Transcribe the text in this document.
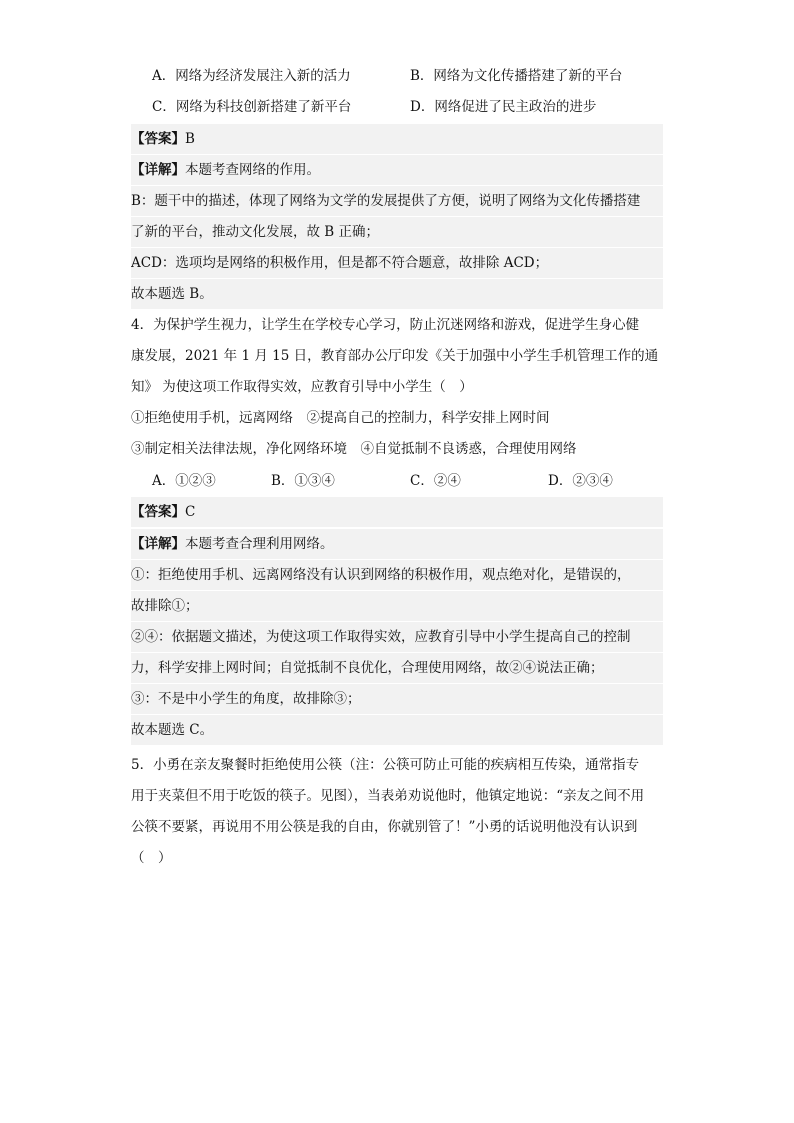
A．网络为经济发展注入新的活力	B．网络为文化传播搭建了新的平台
C．网络为科技创新搭建了新平台	D．网络促进了民主政治的进步
【答案】B
【详解】本题考查网络的作用。
B：题干中的描述，体现了网络为文学的发展提供了方便，说明了网络为文化传播搭建
了新的平台，推动文化发展，故 B 正确；
ACD：选项均是网络的积极作用，但是都不符合题意，故排除 ACD；
故本题选 B。
4．为保护学生视力，让学生在学校专心学习，防止沉迷网络和游戏，促进学生身心健
康发展，2021 年 1 月 15 日，教育部办公厅印发《关于加强中小学生手机管理工作的通
知》 为使这项工作取得实效，应教育引导中小学生（　）
①拒绝使用手机，远离网络　②提高自己的控制力，科学安排上网时间
③制定相关法律法规，净化网络环境　④自觉抵制不良诱惑，合理使用网络
A．①②③	B．①③④	C．②④	D．②③④
【答案】C
【详解】本题考查合理利用网络。
①：拒绝使用手机、远离网络没有认识到网络的积极作用，观点绝对化，是错误的，
故排除①；
②④：依据题文描述，为使这项工作取得实效，应教育引导中小学生提高自己的控制
力，科学安排上网时间；自觉抵制不良优化，合理使用网络，故②④说法正确；
③：不是中小学生的角度，故排除③；
故本题选 C。
5．小勇在亲友聚餐时拒绝使用公筷（注：公筷可防止可能的疾病相互传染，通常指专
用于夹菜但不用于吃饭的筷子。见图），当表弟劝说他时，他镇定地说：“亲友之间不用
公筷不要紧，再说用不用公筷是我的自由，你就别管了！”小勇的话说明他没有认识到
（　）
